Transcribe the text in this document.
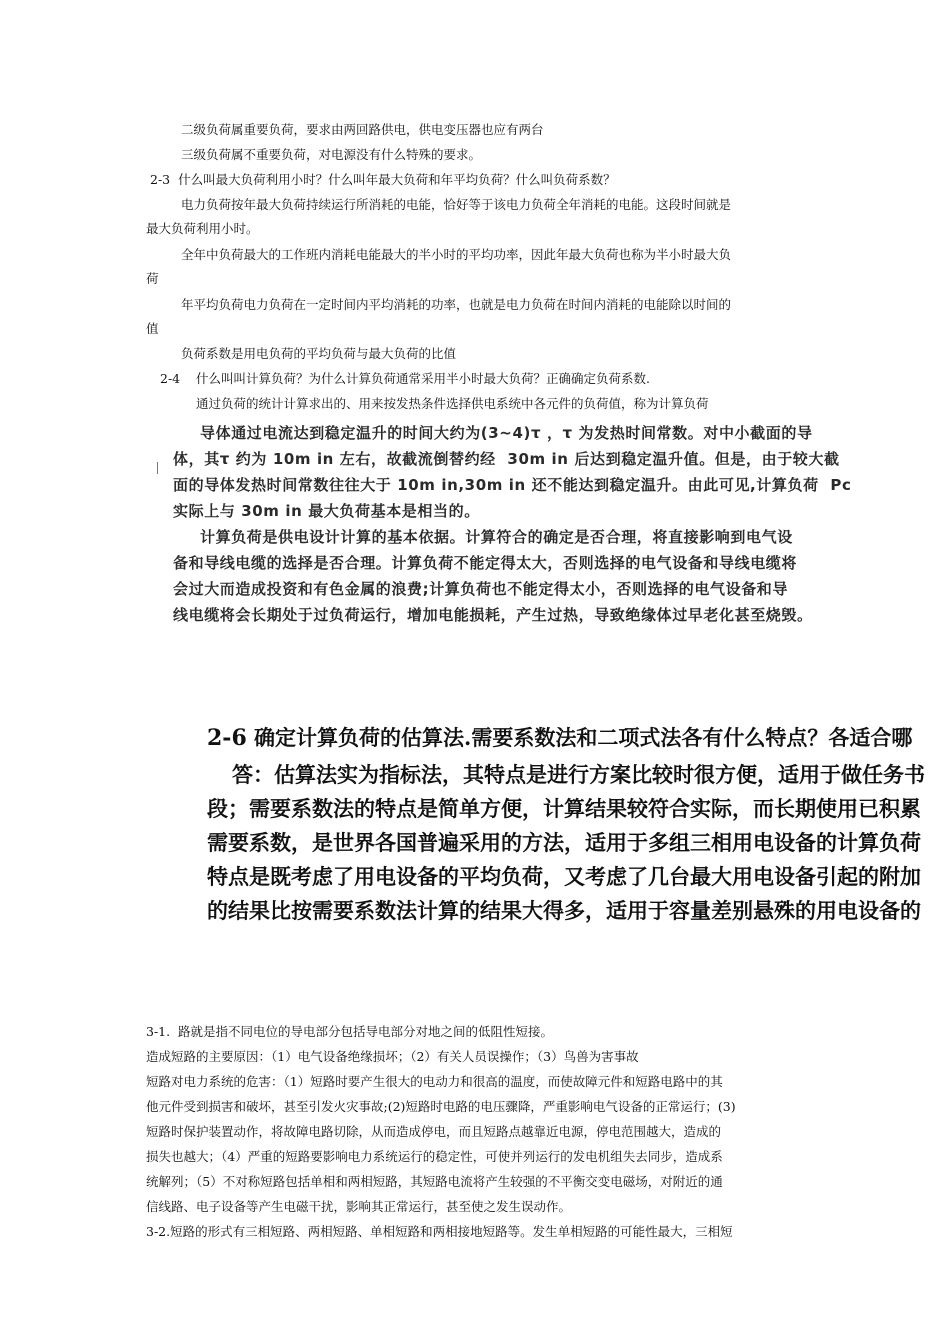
二级负荷属重要负荷，要求由两回路供电，供电变压器也应有两台
三级负荷属不重要负荷，对电源没有什么特殊的要求。
2-3  什么叫最大负荷利用小时？什么叫年最大负荷和年平均负荷？什么叫负荷系数？
电力负荷按年最大负荷持续运行所消耗的电能，恰好等于该电力负荷全年消耗的电能。这段时间就是
最大负荷利用小时。
全年中负荷最大的工作班内消耗电能最大的半小时的平均功率，因此年最大负荷也称为半小时最大负
荷
年平均负荷电力负荷在一定时间内平均消耗的功率，也就是电力负荷在时间内消耗的电能除以时间的
值
负荷系数是用电负荷的平均负荷与最大负荷的比值
2-4    什么叫叫计算负荷？为什么计算负荷通常采用半小时最大负荷？正确确定负荷系数.
通过负荷的统计计算求出的、用来按发热条件选择供电系统中各元件的负荷值，称为计算负荷
导体通过电流达到稳定温升的时间大约为(3~4)τ ，τ 为发热时间常数。对中小截面的导
体，其τ 约为 10m in 左右，故截流倒替约经  30m in 后达到稳定温升值。但是，由于较大截
面的导体发热时间常数往往大于 10m in,30m in 还不能达到稳定温升。由此可见,计算负荷  Pc
实际上与 30m in 最大负荷基本是相当的。
计算负荷是供电设计计算的基本依据。计算符合的确定是否合理，将直接影响到电气设
备和导线电缆的选择是否合理。计算负荷不能定得太大，否则选择的电气设备和导线电缆将
会过大而造成投资和有色金属的浪费;计算负荷也不能定得太小，否则选择的电气设备和导
线电缆将会长期处于过负荷运行，增加电能损耗，产生过热，导致绝缘体过早老化甚至烧毁。
2-6 确定计算负荷的估算法.需要系数法和二项式法各有什么特点？各适合哪
答：估算法实为指标法，其特点是进行方案比较时很方便，适用于做任务书
段；需要系数法的特点是简单方便，计算结果较符合实际，而长期使用已积累
需要系数，是世界各国普遍采用的方法，适用于多组三相用电设备的计算负荷
特点是既考虑了用电设备的平均负荷，又考虑了几台最大用电设备引起的附加
的结果比按需要系数法计算的结果大得多，适用于容量差别悬殊的用电设备的
3-1.  路就是指不同电位的导电部分包括导电部分对地之间的低阻性短接。
造成短路的主要原因：（1）电气设备绝缘损坏；（2）有关人员误操作；（3）鸟兽为害事故
短路对电力系统的危害：（1）短路时要产生很大的电动力和很高的温度，而使故障元件和短路电路中的其
他元件受到损害和破坏，甚至引发火灾事故;(2)短路时电路的电压骤降，严重影响电气设备的正常运行；(3)
短路时保护装置动作，将故障电路切除，从而造成停电，而且短路点越靠近电源，停电范围越大，造成的
损失也越大；（4）严重的短路要影响电力系统运行的稳定性，可使并列运行的发电机组失去同步，造成系
统解列；（5）不对称短路包括单相和两相短路，其短路电流将产生较强的不平衡交变电磁场，对附近的通
信线路、电子设备等产生电磁干扰，影响其正常运行，甚至使之发生误动作。
3-2.短路的形式有三相短路、两相短路、单相短路和两相接地短路等。发生单相短路的可能性最大，三相短
